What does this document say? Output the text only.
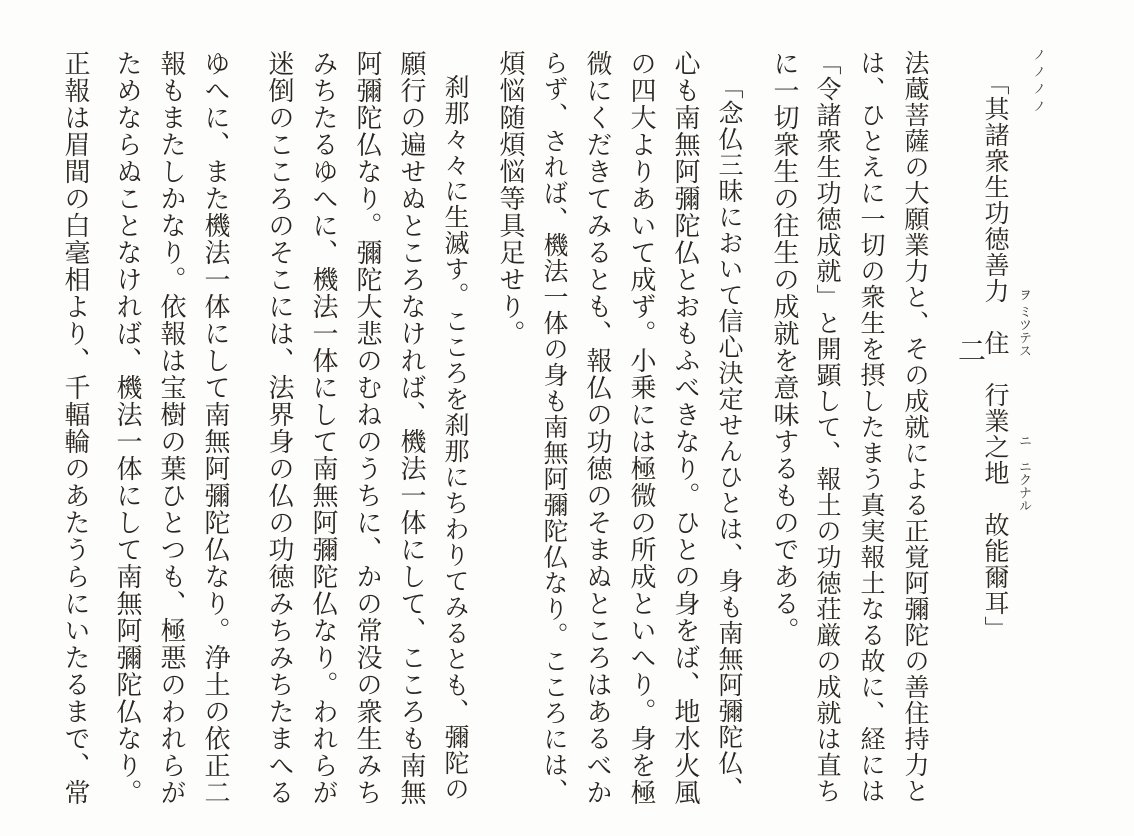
ノ ノ ノ ノ
「其諸衆生功徳善力　住　行業之地　故能爾耳」 ヲ ミツテス
ニ　ニクナル
二
法蔵菩薩の大願業力と、その成就による正覚阿彌陀の善住持力と
は、ひとえに一切の衆生を摂したまう真実報土なる故に、経には
「令諸衆生功徳成就」と開顕して、報土の功徳荘厳の成就は直ち
に一切衆生の往生の成就を意味するものである。
「念仏三昧において信心決定せんひとは、身も南無阿彌陀仏、
心も南無阿彌陀仏とおもふべきなり。ひとの身をば、地水火風
の四大よりあいて成ず。小乗には極微の所成といへり。身を極
微にくだきてみるとも、報仏の功徳のそまぬところはあるべか
らず、されば、機法一体の身も南無阿彌陀仏なり。こころには、
煩悩随煩悩等具足せり。
刹那々々に生滅す。こころを刹那にちわりてみるとも、彌陀の
願行の遍せぬところなければ、機法一体にして、こころも南無
阿彌陀仏なり。彌陀大悲のむねのうちに、かの常没の衆生みち
みちたるゆへに、機法一体にして南無阿彌陀仏なり。われらが
迷倒のこころのそこには、法界身の仏の功徳みちみちたまへる
ゆへに、また機法一体にして南無阿彌陀仏なり。浄土の依正二
報もまたしかなり。依報は宝樹の葉ひとつも、極悪のわれらが
ためならぬことなければ、機法一体にして南無阿彌陀仏なり。
正報は眉間の白毫相より、千輻輪のあたうらにいたるまで、常
